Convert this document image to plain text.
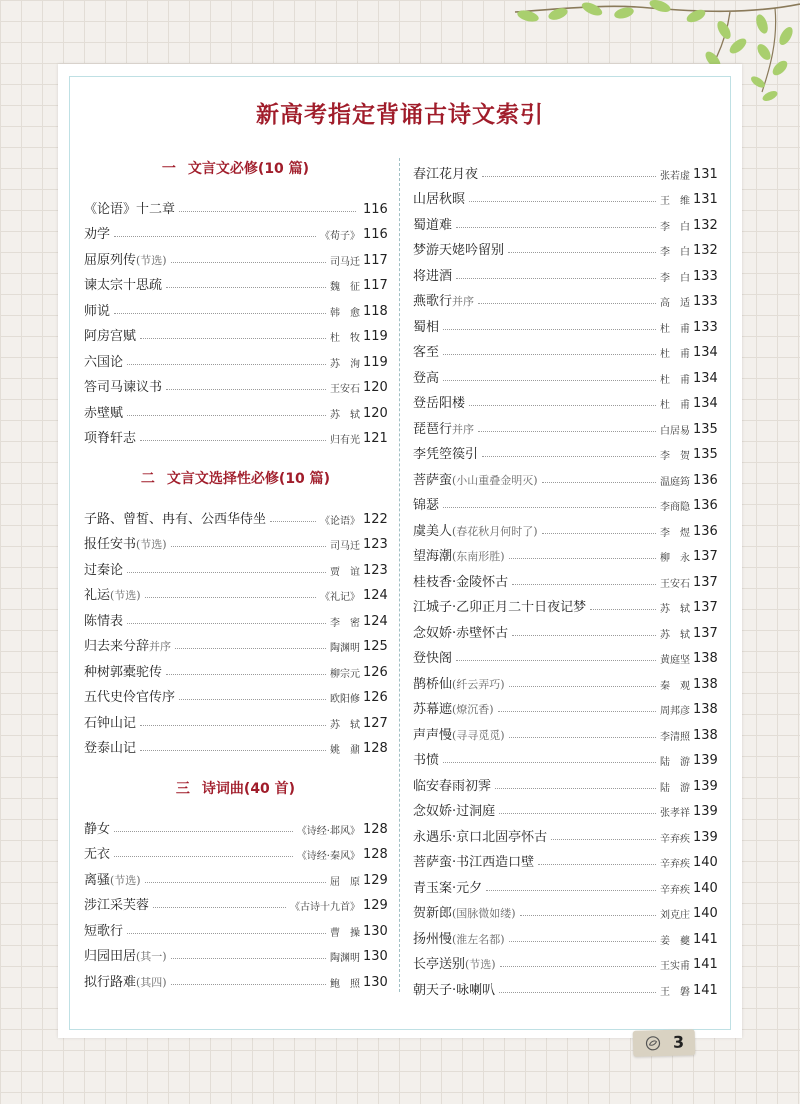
新高考指定背诵古诗文索引
一 文言文必修(10 篇)
《论语》十二章	116
劝学	《荀子》 116
屈原列传(节选)	司马迁 117
谏太宗十思疏	魏　征 117
师说	韩　愈 118
阿房宫赋	杜　牧 119
六国论	苏　洵 119
答司马谏议书	王安石 120
赤壁赋	苏　轼 120
项脊轩志	归有光 121
二 文言文选择性必修(10 篇)
子路、曾皙、冉有、公西华侍坐	《论语》 122
报任安书(节选)	司马迁 123
过秦论	贾　谊 123
礼运(节选)	《礼记》 124
陈情表	李　密 124
归去来兮辞并序	陶渊明 125
种树郭橐驼传	柳宗元 126
五代史伶官传序	欧阳修 126
石钟山记	苏　轼 127
登泰山记	姚　鼐 128
三 诗词曲(40 首)
静女	《诗经·邶风》 128
无衣	《诗经·秦风》 128
离骚(节选)	屈　原 129
涉江采芙蓉	《古诗十九首》 129
短歌行	曹　操 130
归园田居(其一)	陶渊明 130
拟行路难(其四)	鲍　照 130
春江花月夜	张若虚 131
山居秋暝	王　维 131
蜀道难	李　白 132
梦游天姥吟留别	李　白 132
将进酒	李　白 133
燕歌行并序	高　适 133
蜀相	杜　甫 133
客至	杜　甫 134
登高	杜　甫 134
登岳阳楼	杜　甫 134
琵琶行并序	白居易 135
李凭箜篌引	李　贺 135
菩萨蛮(小山重叠金明灭)	温庭筠 136
锦瑟	李商隐 136
虞美人(春花秋月何时了)	李　煜 136
望海潮(东南形胜)	柳　永 137
桂枝香·金陵怀古	王安石 137
江城子·乙卯正月二十日夜记梦	苏　轼 137
念奴娇·赤壁怀古	苏　轼 137
登快阁	黄庭坚 138
鹊桥仙(纤云弄巧)	秦　观 138
苏幕遮(燎沉香)	周邦彦 138
声声慢(寻寻觅觅)	李清照 138
书愤	陆　游 139
临安春雨初霁	陆　游 139
念奴娇·过洞庭	张孝祥 139
永遇乐·京口北固亭怀古	辛弃疾 139
菩萨蛮·书江西造口壁	辛弃疾 140
青玉案·元夕	辛弃疾 140
贺新郎(国脉微如缕)	刘克庄 140
扬州慢(淮左名都)	姜　夔 141
长亭送别(节选)	王实甫 141
朝天子·咏喇叭	王　磐 141
3
